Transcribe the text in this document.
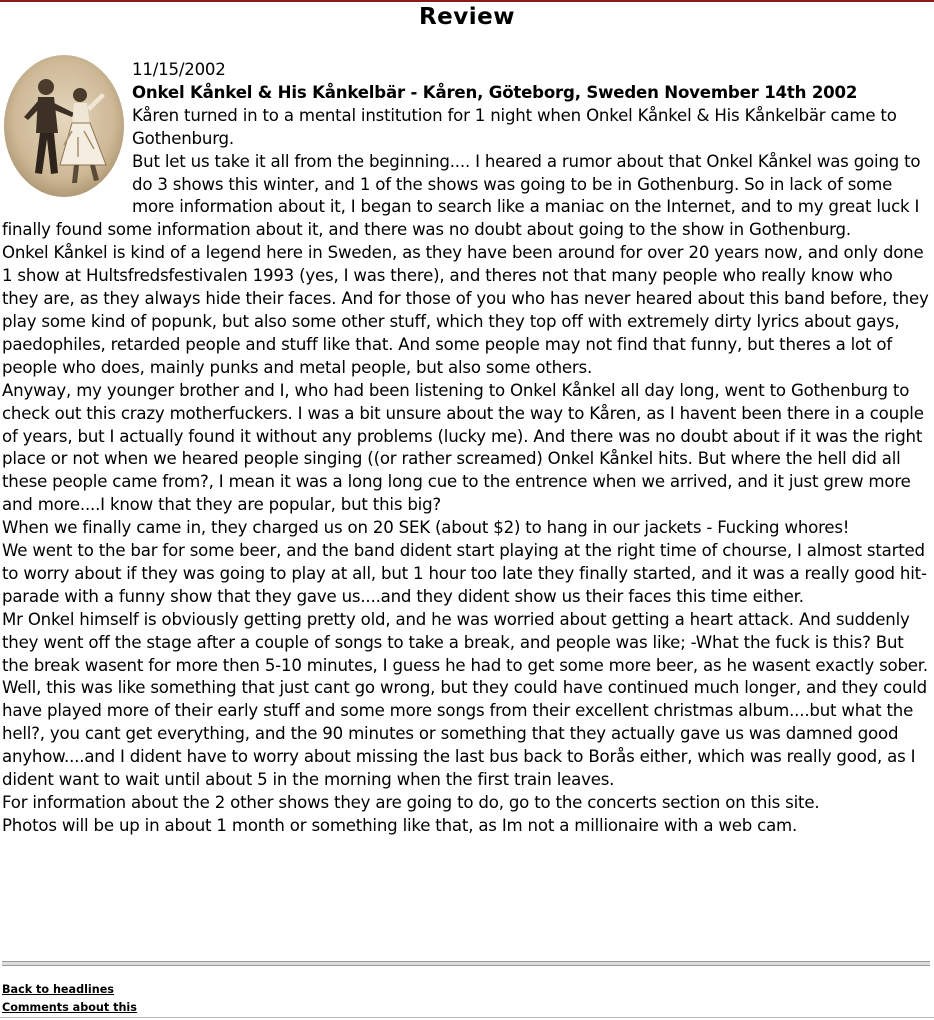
Review

11/15/2002

Onkel Kånkel & His Kånkelbär - Kåren, Göteborg, Sweden November 14th 2002

Kåren turned in to a mental institution for 1 night when Onkel Kånkel & His Kånkelbär came to Gothenburg.

But let us take it all from the beginning.... I heared a rumor about that Onkel Kånkel was going to do 3 shows this winter, and 1 of the shows was going to be in Gothenburg. So in lack of some more information about it, I began to search like a maniac on the Internet, and to my great luck I finally found some information about it, and there was no doubt about going to the show in Gothenburg.

Onkel Kånkel is kind of a legend here in Sweden, as they have been around for over 20 years now, and only done 1 show at Hultsfredsfestivalen 1993 (yes, I was there), and theres not that many people who really know who they are, as they always hide their faces. And for those of you who has never heared about this band before, they play some kind of popunk, but also some other stuff, which they top off with extremely dirty lyrics about gays, paedophiles, retarded people and stuff like that. And some people may not find that funny, but theres a lot of people who does, mainly punks and metal people, but also some others.

Anyway, my younger brother and I, who had been listening to Onkel Kånkel all day long, went to Gothenburg to check out this crazy motherfuckers. I was a bit unsure about the way to Kåren, as I havent been there in a couple of years, but I actually found it without any problems (lucky me). And there was no doubt about if it was the right place or not when we heared people singing ((or rather screamed) Onkel Kånkel hits. But where the hell did all these people came from?, I mean it was a long long cue to the entrence when we arrived, and it just grew more and more....I know that they are popular, but this big?

When we finally came in, they charged us on 20 SEK (about $2) to hang in our jackets - Fucking whores!

We went to the bar for some beer, and the band dident start playing at the right time of chourse, I almost started to worry about if they was going to play at all, but 1 hour too late they finally started, and it was a really good hit-parade with a funny show that they gave us....and they dident show us their faces this time either.

Mr Onkel himself is obviously getting pretty old, and he was worried about getting a heart attack. And suddenly they went off the stage after a couple of songs to take a break, and people was like; -What the fuck is this? But the break wasent for more then 5-10 minutes, I guess he had to get some more beer, as he wasent exactly sober.

Well, this was like something that just cant go wrong, but they could have continued much longer, and they could have played more of their early stuff and some more songs from their excellent christmas album....but what the hell?, you cant get everything, and the 90 minutes or something that they actually gave us was damned good anyhow....and I dident have to worry about missing the last bus back to Borås either, which was really good, as I dident want to wait until about 5 in the morning when the first train leaves.

For information about the 2 other shows they are going to do, go to the concerts section on this site.

Photos will be up in about 1 month or something like that, as Im not a millionaire with a web cam.

Back to headlines
Comments about this
